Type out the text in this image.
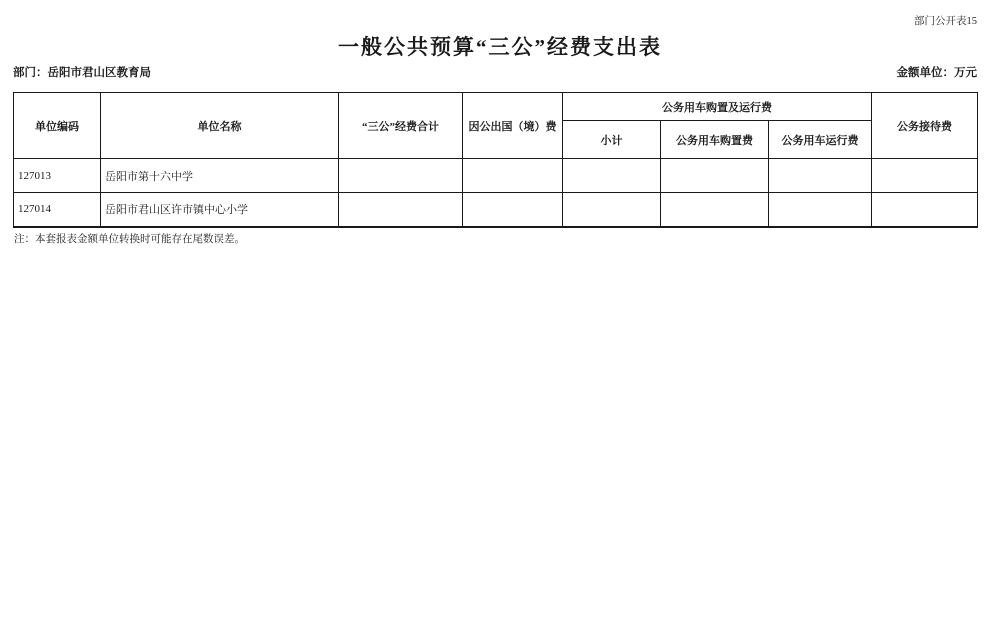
部门公开表15
一般公共预算“三公”经费支出表
部门：岳阳市君山区教育局	金额单位：万元
单位编码	单位名称	“三公”经费合计	因公出国（境）费	公务用车购置及运行费			公务接待费
				小计	公务用车购置费	公务用车运行费	
127013	岳阳市第十六中学						
127014	岳阳市君山区许市镇中心小学						
注：本套报表金额单位转换时可能存在尾数误差。
